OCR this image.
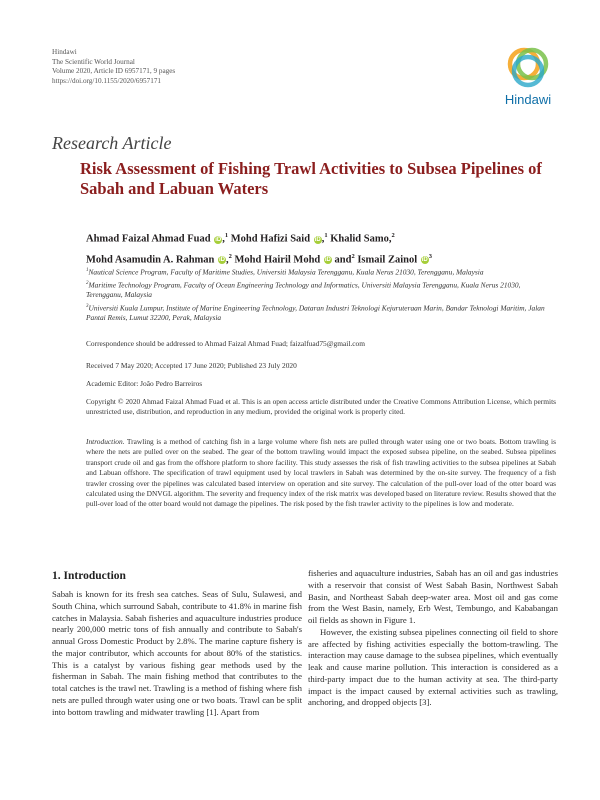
Hindawi
The Scientific World Journal
Volume 2020, Article ID 6957171, 9 pages
https://doi.org/10.1155/2020/6957171
Hindawi
Research Article
Risk Assessment of Fishing Trawl Activities to Subsea Pipelines of Sabah and Labuan Waters
Ahmad Faizal Ahmad Fuad iD,$^1$ Mohd Hafizi Said iD,$^1$ Khalid Samo,$^2$
Mohd Asamudin A. Rahman iD,$^2$ Mohd Hairil Mohd iD and$^2$ Ismail Zainol $iD^3$
$^1$Nautical Science Program, Faculty of Maritime Studies, Universiti Malaysia Terengganu, Kuala Nerus 21030, Terengganu, Malaysia
$^2$Maritime Technology Program, Faculty of Ocean Engineering Technology and Informatics, Universiti Malaysia Terengganu, Kuala Nerus 21030, Terengganu, Malaysia
$^3$Universiti Kuala Lumpur, Institute of Marine Engineering Technology, Dataran Industri Teknologi Kejuruteraan Marin, Bandar Teknologi Maritim, Jalan Pantai Remis, Lumut 32200, Perak, Malaysia
Correspondence should be addressed to Ahmad Faizal Ahmad Fuad; faizalfuad75@gmail.com
Received 7 May 2020; Accepted 17 June 2020; Published 23 July 2020
Academic Editor: João Pedro Barreiros
Copyright © 2020 Ahmad Faizal Ahmad Fuad et al. This is an open access article distributed under the Creative Commons Attribution License, which permits unrestricted use, distribution, and reproduction in any medium, provided the original work is properly cited.
Introduction. Trawling is a method of catching fish in a large volume where fish nets are pulled through water using one or two boats. Bottom trawling is where the nets are pulled over on the seabed. The gear of the bottom trawling would impact the exposed subsea pipeline, on the seabed. Subsea pipelines transport crude oil and gas from the offshore platform to shore facility. This study assesses the risk of fish trawling activities to the subsea pipelines at Sabah and Labuan offshore. The specification of trawl equipment used by local trawlers in Sabah was determined by the on-site survey. The frequency of a fish trawler crossing over the pipelines was calculated based interview on operation and site survey. The calculation of the pull-over load of the otter board was calculated using the DNVGL algorithm. The severity and frequency index of the risk matrix was developed based on literature review. Results showed that the pull-over load of the otter board would not damage the pipelines. The risk posed by the fish trawler activity to the pipelines is low and moderate.
1. Introduction

Sabah is known for its fresh sea catches. Seas of Sulu, Sulawesi, and South China, which surround Sabah, contribute to 41.8% in marine fish catches in Malaysia. Sabah fisheries and aquaculture industries produce nearly 200,000 metric tons of fish annually and contribute to Sabah's annual Gross Domestic Product by 2.8%. The marine capture fishery is the major contributor, which accounts for about 80% of the statistics. This is a catalyst by various fishing gear methods used by the fisherman in Sabah. The main fishing method that contributes to the total catches is the trawl net. Trawling is a method of fishing where fish nets are pulled through water using one or two boats. Trawl can be split into bottom trawling and midwater trawling [1]. Apart from

fisheries and aquaculture industries, Sabah has an oil and gas industries with a reservoir that consist of West Sabah Basin, Northwest Sabah Basin, and Northeast Sabah deep-water area. Most oil and gas come from the West Basin, namely, Erb West, Tembungo, and Kababangan oil fields as shown in Figure 1.

However, the existing subsea pipelines connecting oil field to shore are affected by fishing activities especially the bottom-trawling. The interaction may cause damage to the subsea pipelines, which eventually leak and cause marine pollution. This interaction is considered as a third-party impact due to the human activity at sea. The third-party impact is the impact caused by external activities such as trawling, anchoring, and dropped objects [3].
